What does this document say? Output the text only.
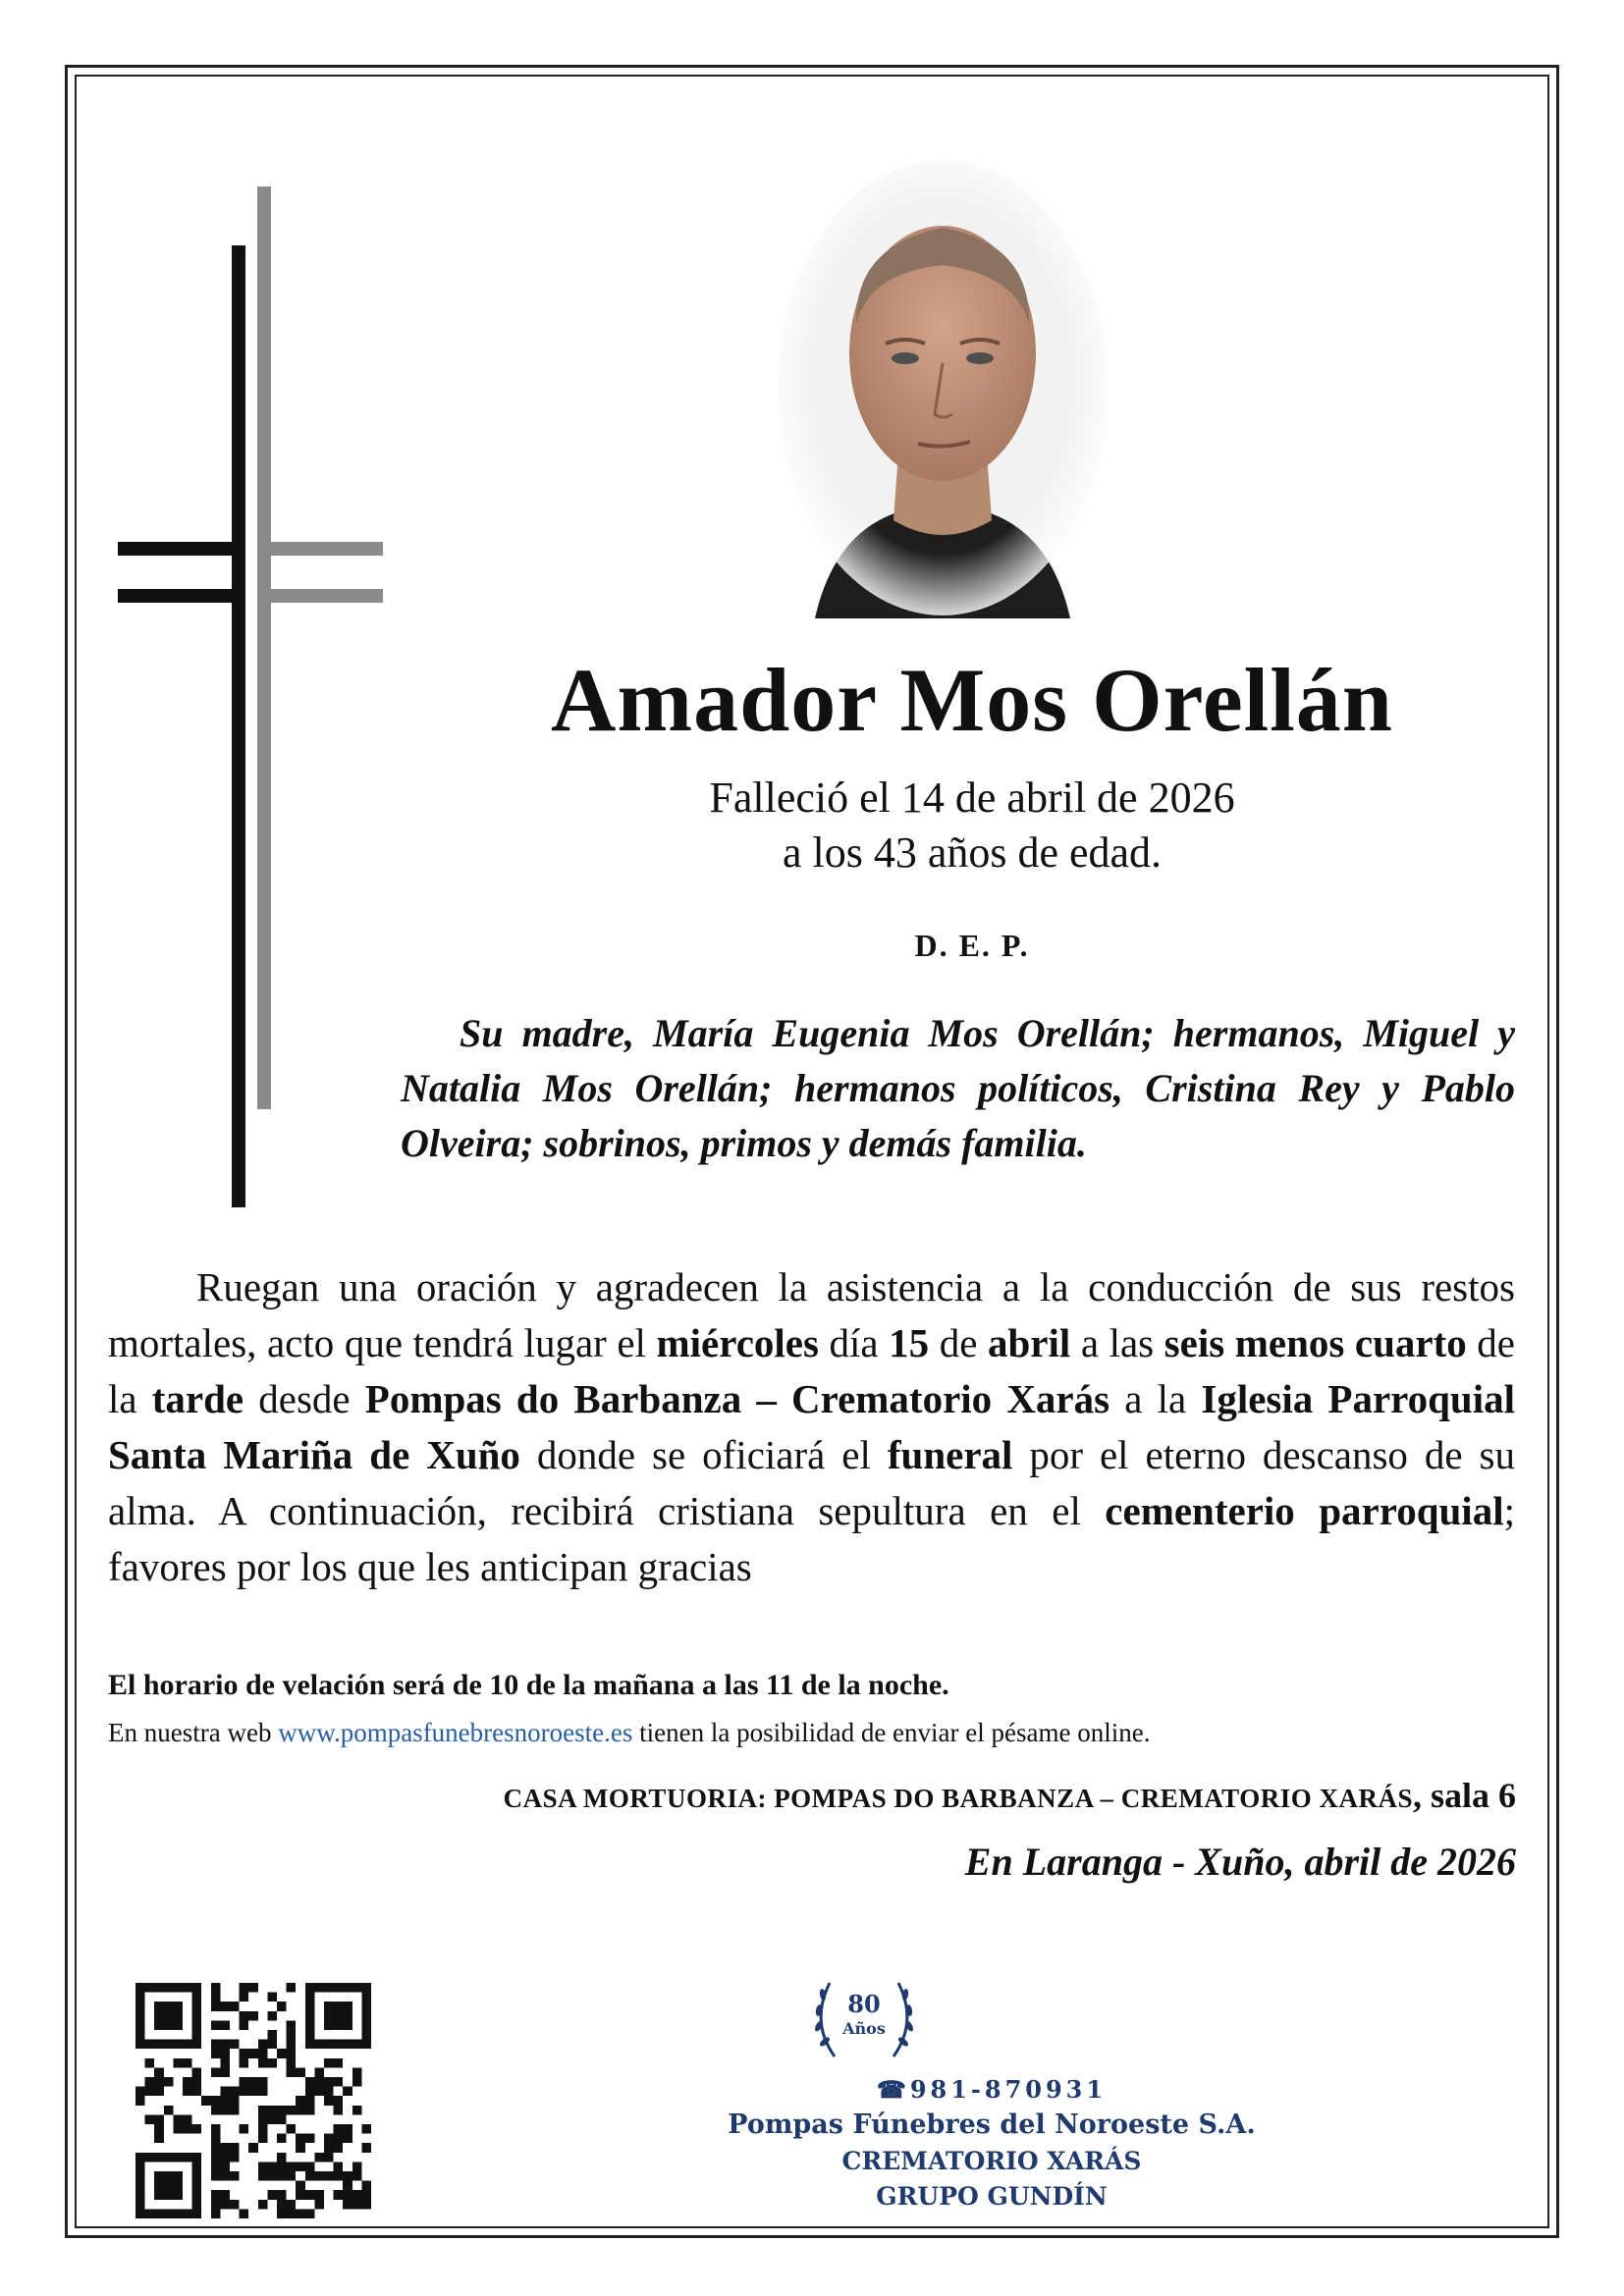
Amador Mos Orellán
Falleció el 14 de abril de 2026
a los 43 años de edad.
D. E. P.
Su madre, María Eugenia Mos Orellán; hermanos, Miguel y Natalia Mos Orellán; hermanos políticos, Cristina Rey y Pablo Olveira; sobrinos, primos y demás familia.
Ruegan una oración y agradecen la asistencia a la conducción de sus restos mortales, acto que tendrá lugar el miércoles día 15 de abril a las seis menos cuarto de la tarde desde Pompas do Barbanza – Crematorio Xarás a la Iglesia Parroquial Santa Mariña de Xuño donde se oficiará el funeral por el eterno descanso de su alma. A continuación, recibirá cristiana sepultura en el cementerio parroquial; favores por los que les anticipan gracias
El horario de velación será de 10 de la mañana a las 11 de la noche.
En nuestra web www.pompasfunebresnoroeste.es tienen la posibilidad de enviar el pésame online.
CASA MORTUORIA: POMPAS DO BARBANZA – CREMATORIO XARÁS, sala 6
En Laranga - Xuño, abril de 2026
80
Años
☎981-870931
Pompas Fúnebres del Noroeste S.A.
CREMATORIO XARÁS
GRUPO GUNDÍN
